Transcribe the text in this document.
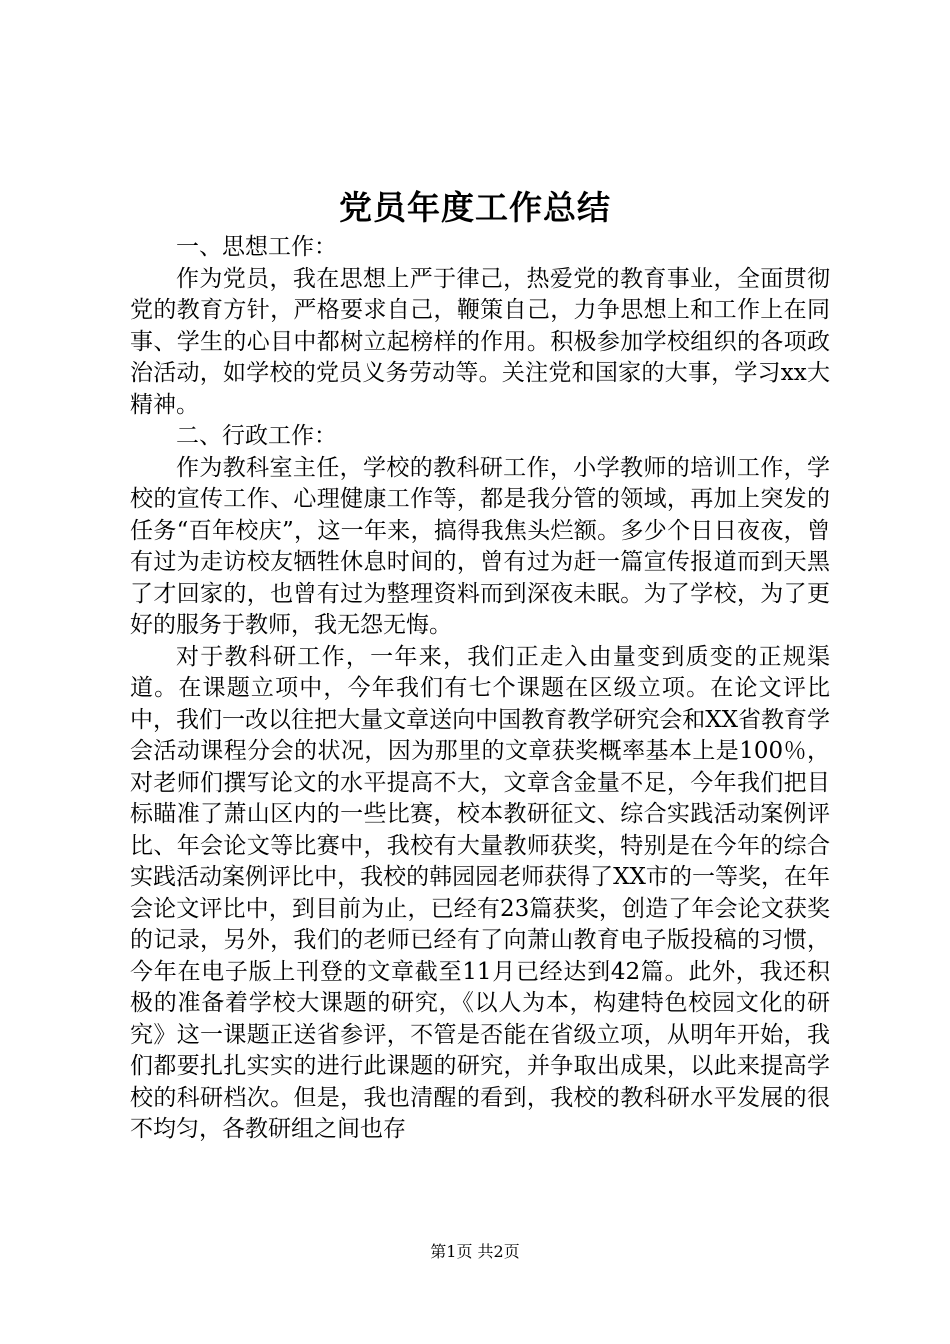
党员年度工作总结

一、思想工作：

作为党员，我在思想上严于律己，热爱党的教育事业，全面贯彻党的教育方针，严格要求自己，鞭策自己，力争思想上和工作上在同事、学生的心目中都树立起榜样的作用。积极参加学校组织的各项政治活动，如学校的党员义务劳动等。关注党和国家的大事，学习xx大精神。

二、行政工作：

作为教科室主任，学校的教科研工作，小学教师的培训工作，学校的宣传工作、心理健康工作等，都是我分管的领域，再加上突发的任务“百年校庆”，这一年来，搞得我焦头烂额。多少个日日夜夜，曾有过为走访校友牺牲休息时间的，曾有过为赶一篇宣传报道而到天黑了才回家的，也曾有过为整理资料而到深夜未眠。为了学校，为了更好的服务于教师，我无怨无悔。

对于教科研工作，一年来，我们正走入由量变到质变的正规渠道。在课题立项中，今年我们有七个课题在区级立项。在论文评比中，我们一改以往把大量文章送向中国教育教学研究会和XX省教育学会活动课程分会的状况，因为那里的文章获奖概率基本上是100％，对老师们撰写论文的水平提高不大，文章含金量不足，今年我们把目标瞄准了萧山区内的一些比赛，校本教研征文、综合实践活动案例评比、年会论文等比赛中，我校有大量教师获奖，特别是在今年的综合实践活动案例评比中，我校的韩园园老师获得了XX市的一等奖，在年会论文评比中，到目前为止，已经有23篇获奖，创造了年会论文获奖的记录，另外，我们的老师已经有了向萧山教育电子版投稿的习惯，今年在电子版上刊登的文章截至11月已经达到42篇。此外，我还积极的准备着学校大课题的研究，《以人为本，构建特色校园文化的研究》这一课题正送省参评，不管是否能在省级立项，从明年开始，我们都要扎扎实实的进行此课题的研究，并争取出成果，以此来提高学校的科研档次。但是，我也清醒的看到，我校的教科研水平发展的很不均匀，各教研组之间也存

第1页 共2页
